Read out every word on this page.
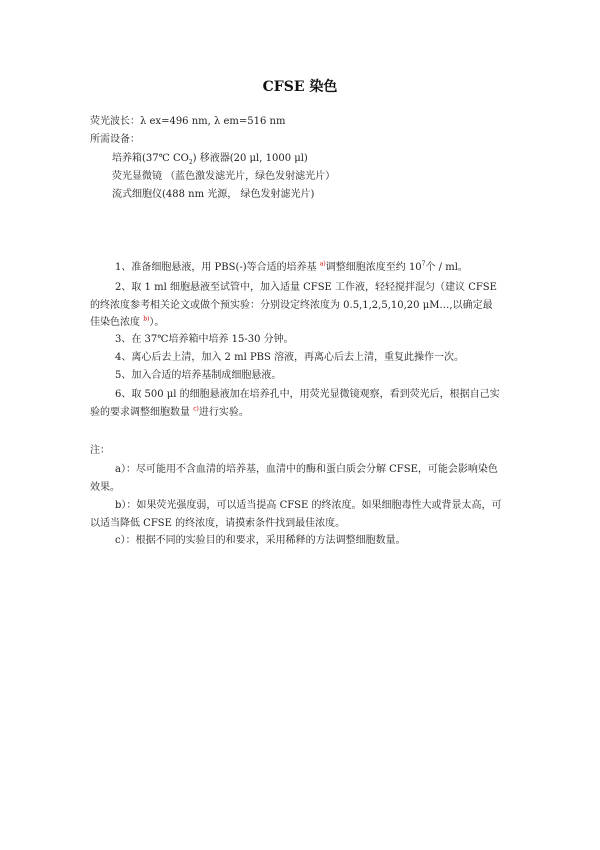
CFSE 染色
荧光波长：λ ex=496 nm, λ em=516 nm
所需设备：
培养箱(37℃ $CO_2$) 移液器(20 μl, 1000 μl)
荧光显微镜 （蓝色激发滤光片，绿色发射滤光片）
流式细胞仪(488 nm 光源， 绿色发射滤光片)
1、准备细胞悬液，用 PBS(-)等合适的培养基 $^{a)}$调整细胞浓度至约 $10^7$个 / ml。
2、取 1 ml 细胞悬液至试管中，加入适量 CFSE 工作液，轻轻搅拌混匀（建议 CFSE 的终浓度参考相关论文或做个预实验：分别设定终浓度为 0.5,1,2,5,10,20 μM…,以确定最佳染色浓度 $^{b)}$）。
3、在 37℃培养箱中培养 15-30 分钟。
4、离心后去上清，加入 2 ml PBS 溶液，再离心后去上清，重复此操作一次。
5、加入合适的培养基制成细胞悬液。
6、取 500 μl 的细胞悬液加在培养孔中，用荧光显微镜观察，看到荧光后，根据自己实验的要求调整细胞数量 $^{c)}$进行实验。
注：
a）：尽可能用不含血清的培养基，血清中的酶和蛋白质会分解 CFSE，可能会影响染色效果。
b）：如果荧光强度弱，可以适当提高 CFSE 的终浓度。如果细胞毒性大或背景太高，可以适当降低 CFSE 的终浓度，请摸索条件找到最佳浓度。
c）：根据不同的实验目的和要求，采用稀释的方法调整细胞数量。
